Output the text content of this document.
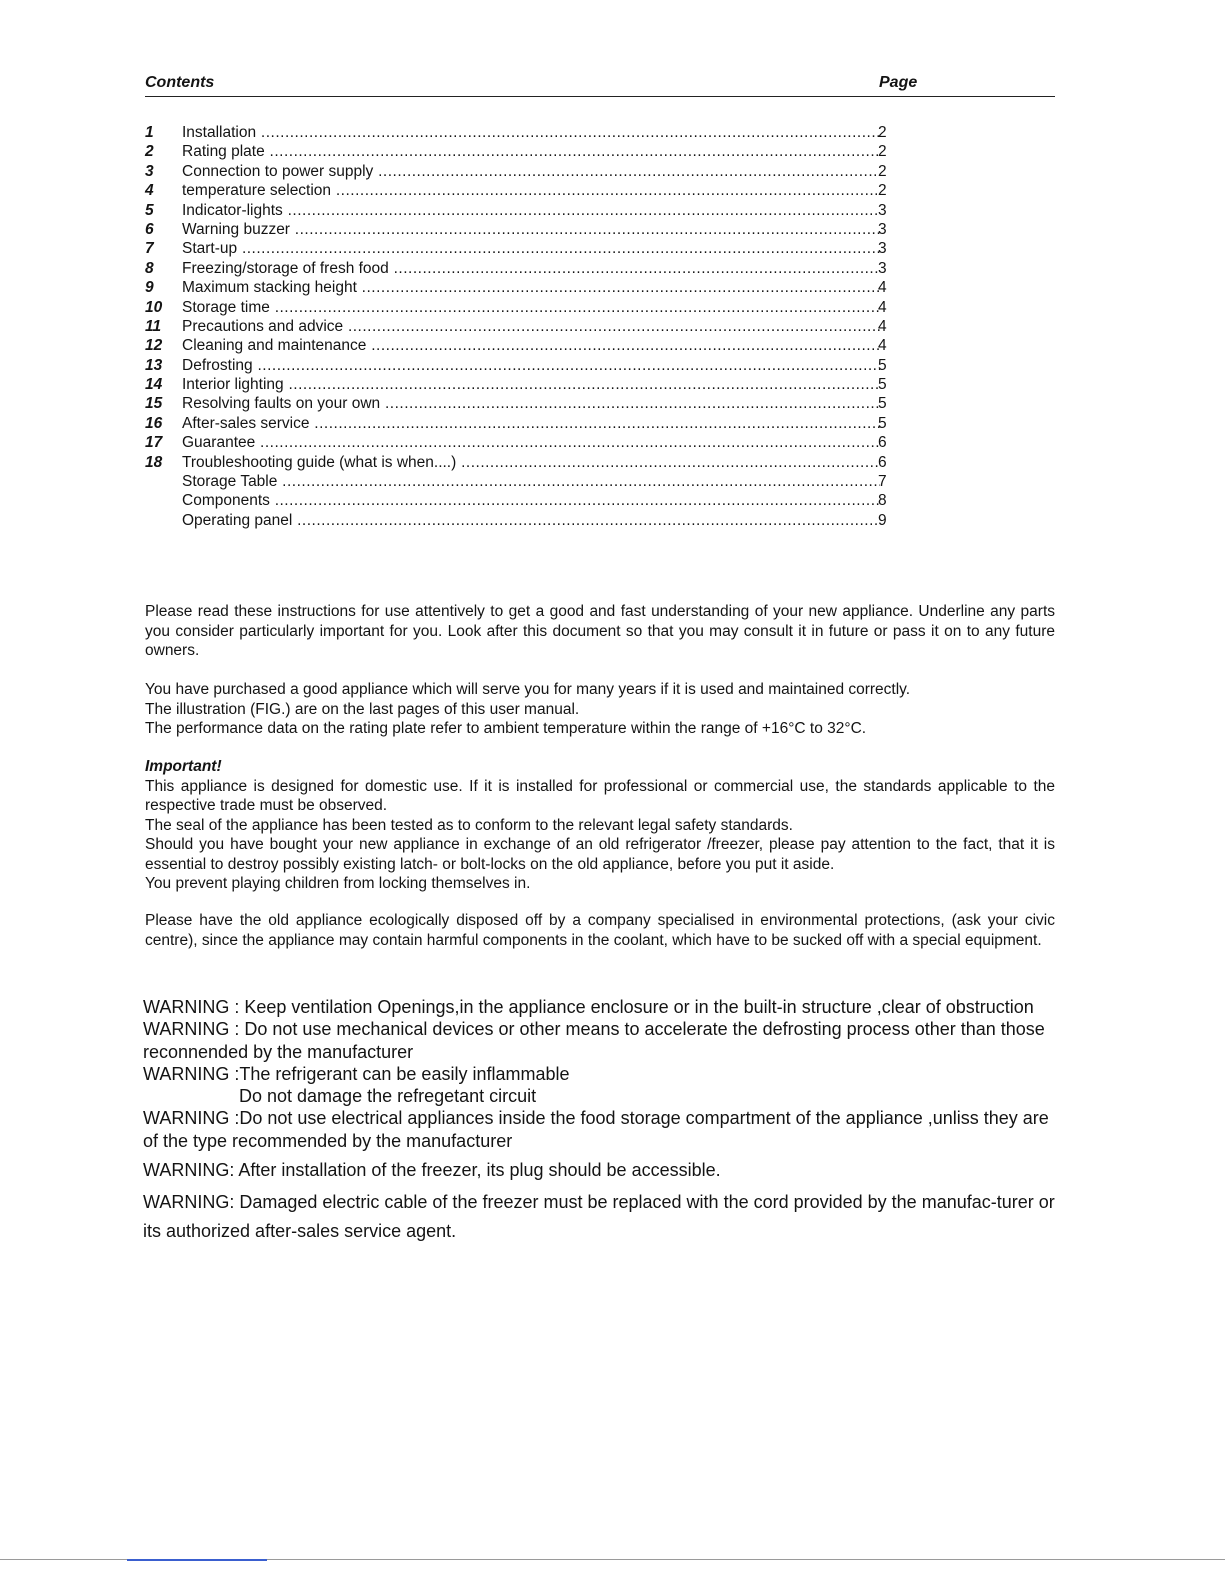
Contents	Page
1	Installation .....	2
2	Rating plate .....	2
3	Connection to power supply .....	2
4	temperature selection .....	2
5	Indicator-lights .....	3
6	Warning buzzer .....	3
7	Start-up .....	3
8	Freezing/storage of fresh food .....	3
9	Maximum stacking height .....	4
10	Storage time .....	4
11	Precautions and advice .....	4
12	Cleaning and maintenance .....	4
13	Defrosting .....	5
14	Interior lighting .....	5
15	Resolving faults on your own .....	5
16	After-sales service .....	5
17	Guarantee .....	6
18	Troubleshooting guide (what is when....) .....	6
Storage Table .....	7
Components .....	8
Operating panel .....	9

Please read these instructions for use attentively to get a good and fast understanding of your new appliance. Underline any parts you consider particularly important for you. Look after this document so that you may consult it in future or pass it on to any future owners.

You have purchased a good appliance which will serve you for many years if it is used and maintained correctly.

The illustration (FIG.) are on the last pages of this user manual.

The performance data on the rating plate refer to ambient temperature within the range of +16°C to 32°C.

Important!

This appliance is designed for domestic use. If it is installed for professional or commercial use, the standards applicable to the respective trade must be observed.

The seal of the appliance has been tested as to conform to the relevant legal safety standards.

Should you have bought your new appliance in exchange of an old refrigerator /freezer, please pay attention to the fact, that it is essential to destroy possibly existing latch- or bolt-locks on the old appliance, before you put it aside.

You prevent playing children from locking themselves in.

Please have the old appliance ecologically disposed off by a company specialised in environmental protections, (ask your civic centre), since the appliance may contain harmful components in the coolant, which have to be sucked off with a special equipment.

WARNING : Keep ventilation Openings,in the appliance enclosure or in the built-in structure ,clear of obstruction

WARNING : Do not use mechanical devices or other means to accelerate the defrosting process other than those reconnended by the manufacturer

WARNING :The refrigerant can be easily inflammable

Do not damage the refregetant circuit

WARNING :Do not use electrical appliances inside the food storage compartment of the appliance ,unliss they are of the type recommended by the manufacturer

WARNING: After installation of the freezer, its plug should be accessible.

WARNING: Damaged electric cable of the freezer must be replaced with the cord provided by the manufac-turer or its authorized after-sales service agent.
